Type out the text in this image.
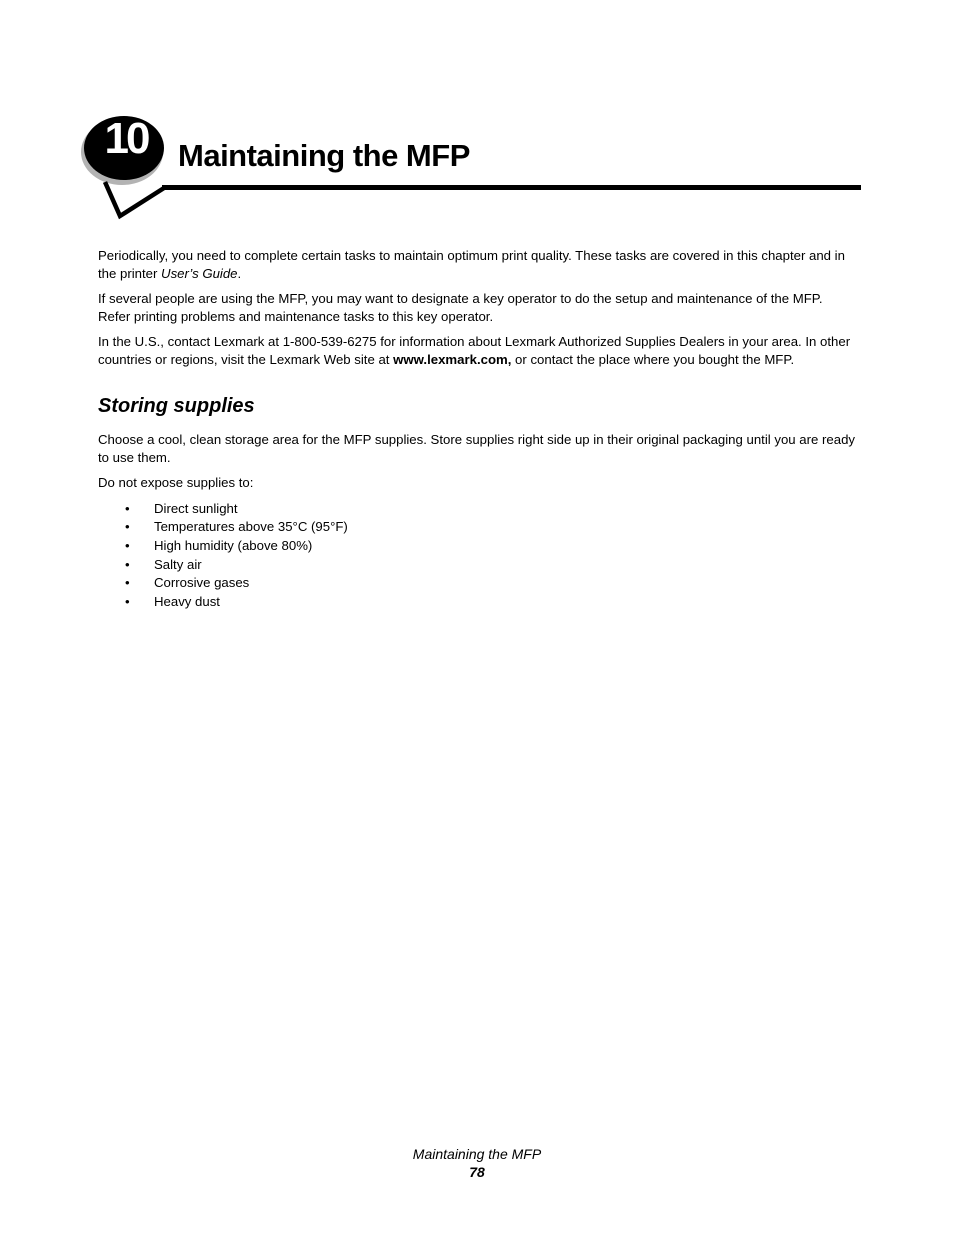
10 Maintaining the MFP

Periodically, you need to complete certain tasks to maintain optimum print quality. These tasks are covered in this chapter and in the printer User’s Guide.

If several people are using the MFP, you may want to designate a key operator to do the setup and maintenance of the MFP. Refer printing problems and maintenance tasks to this key operator.

In the U.S., contact Lexmark at 1-800-539-6275 for information about Lexmark Authorized Supplies Dealers in your area. In other countries or regions, visit the Lexmark Web site at www.lexmark.com, or contact the place where you bought the MFP.

Storing supplies

Choose a cool, clean storage area for the MFP supplies. Store supplies right side up in their original packaging until you are ready to use them.

Do not expose supplies to:

• Direct sunlight
• Temperatures above 35°C (95°F)
• High humidity (above 80%)
• Salty air
• Corrosive gases
• Heavy dust
Maintaining the MFP
78
